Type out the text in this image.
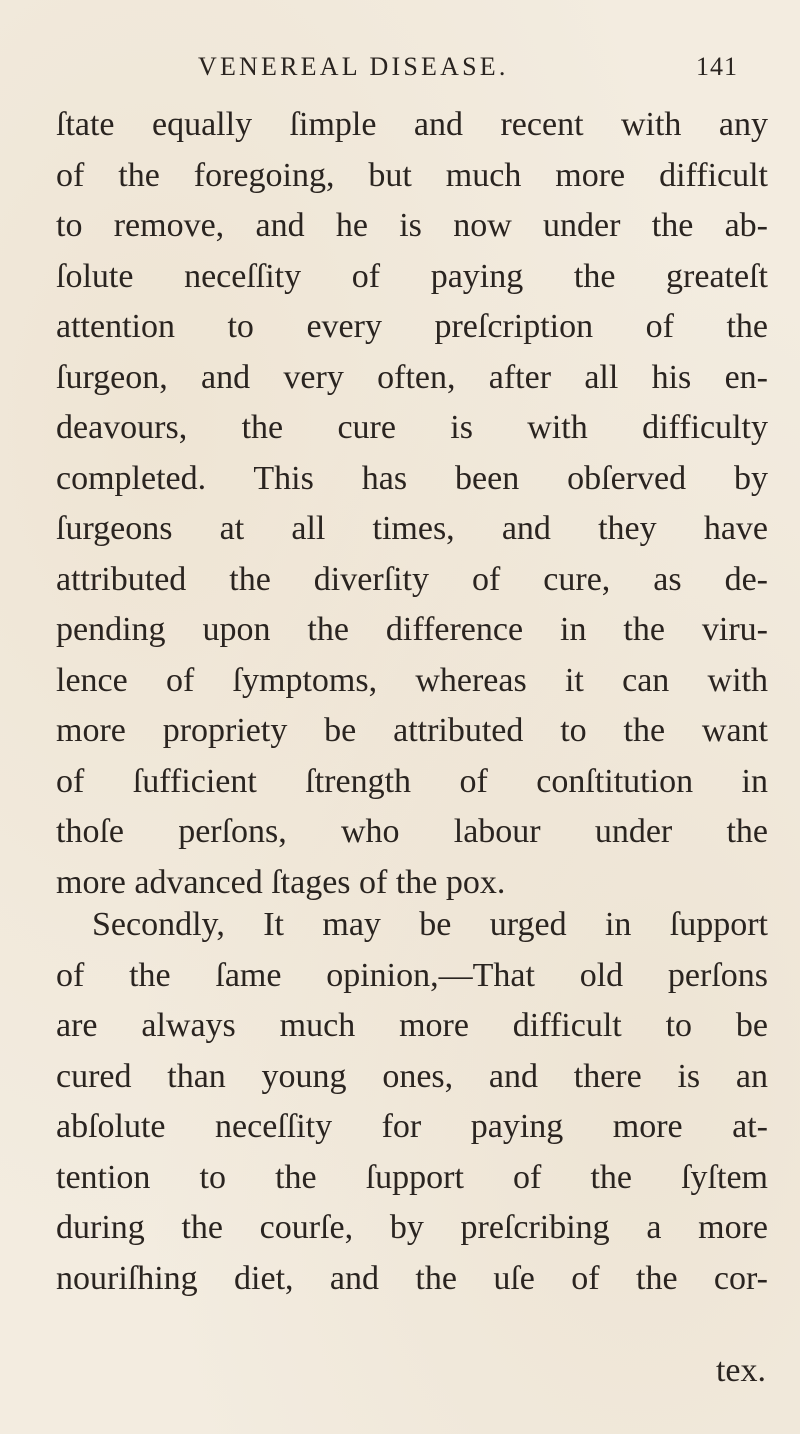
VENEREAL DISEASE.	141
ſtate equally ſimple and recent with any
of the foregoing, but much more difficult
to remove, and he is now under the ab-
ſolute neceſſity of paying the greateſt
attention to every preſcription of the
ſurgeon, and very often, after all his en-
deavours, the cure is with difficulty
completed. This has been obſerved by
ſurgeons at all times, and they have
attributed the diverſity of cure, as de-
pending upon the difference in the viru-
lence of ſymptoms, whereas it can with
more propriety be attributed to the want
of ſufficient ſtrength of conſtitution in
thoſe perſons, who labour under the
more advanced ſtages of the pox.
Secondly, It may be urged in ſupport
of the ſame opinion,—That old perſons
are always much more difficult to be
cured than young ones, and there is an
abſolute neceſſity for paying more at-
tention to the ſupport of the ſyſtem
during the courſe, by preſcribing a more
nouriſhing diet, and the uſe of the cor-
tex.
